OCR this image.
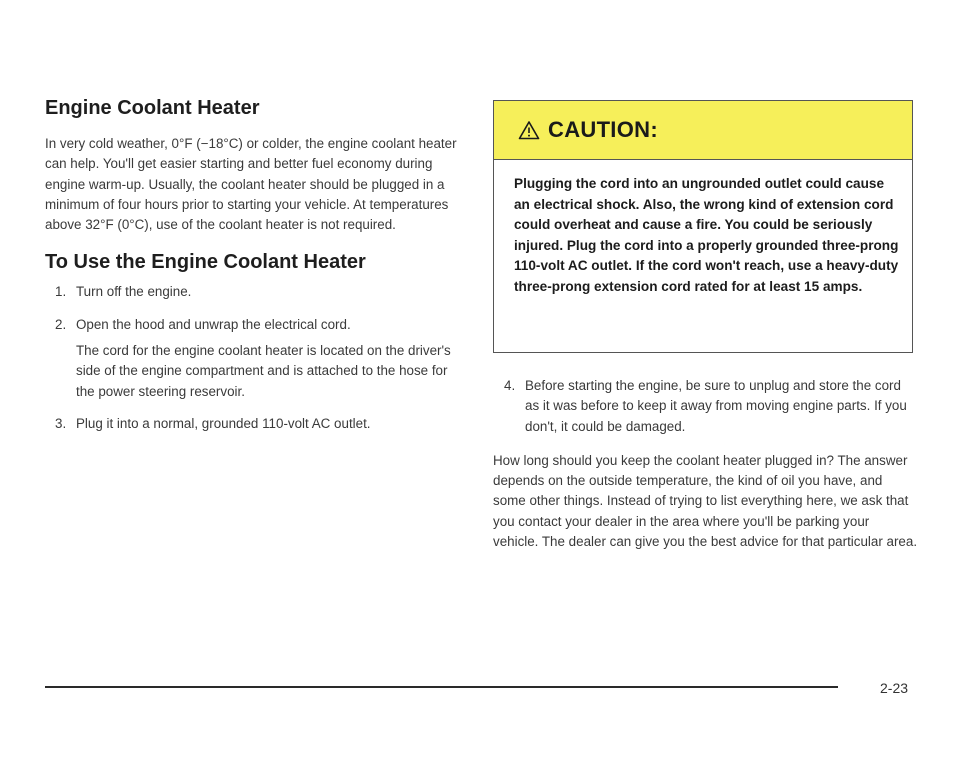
Engine Coolant Heater

In very cold weather, 0°F (−18°C) or colder, the engine coolant heater can help. You'll get easier starting and better fuel economy during engine warm-up. Usually, the coolant heater should be plugged in a minimum of four hours prior to starting your vehicle. At temperatures above 32°F (0°C), use of the coolant heater is not required.

To Use the Engine Coolant Heater
1. Turn off the engine.
2. Open the hood and unwrap the electrical cord.
The cord for the engine coolant heater is located on the driver's side of the engine compartment and is attached to the hose for the power steering reservoir.
3. Plug it into a normal, grounded 110-volt AC outlet.
CAUTION:
Plugging the cord into an ungrounded outlet could cause an electrical shock. Also, the wrong kind of extension cord could overheat and cause a fire. You could be seriously injured. Plug the cord into a properly grounded three-prong 110-volt AC outlet. If the cord won't reach, use a heavy-duty three-prong extension cord rated for at least 15 amps.
4. Before starting the engine, be sure to unplug and store the cord as it was before to keep it away from moving engine parts. If you don't, it could be damaged.

How long should you keep the coolant heater plugged in? The answer depends on the outside temperature, the kind of oil you have, and some other things. Instead of trying to list everything here, we ask that you contact your dealer in the area where you'll be parking your vehicle. The dealer can give you the best advice for that particular area.

2-23
